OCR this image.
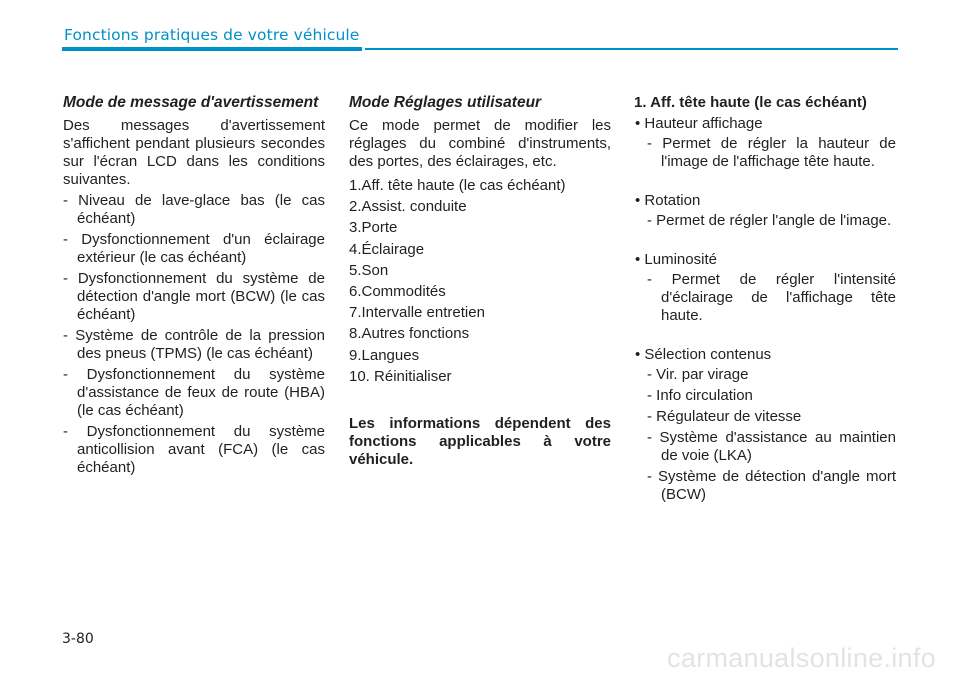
Fonctions pratiques de votre véhicule

Mode de message d'avertissement

Des messages d'avertissement s'affichent pendant plusieurs secondes sur l'écran LCD dans les conditions suivantes.

- Niveau de lave-glace bas (le cas échéant)

- Dysfonctionnement d'un éclairage extérieur (le cas échéant)

- Dysfonctionnement du système de détection d'angle mort (BCW) (le cas échéant)

- Système de contrôle de la pression des pneus (TPMS) (le cas échéant)

- Dysfonctionnement du système d'assistance de feux de route (HBA) (le cas échéant)

- Dysfonctionnement du système anticollision avant (FCA) (le cas échéant)

Mode Réglages utilisateur

Ce mode permet de modifier les réglages du combiné d'instruments, des portes, des éclairages, etc.

1.Aff. tête haute (le cas échéant)

2.Assist. conduite

3.Porte

4.Éclairage

5.Son

6.Commodités

7.Intervalle entretien

8.Autres fonctions

9.Langues

10. Réinitialiser

Les informations dépendent des fonctions applicables à votre véhicule.

1. Aff. tête haute (le cas échéant)

• Hauteur affichage

- Permet de régler la hauteur de l'image de l'affichage tête haute.

• Rotation

- Permet de régler l'angle de l'image.

• Luminosité

- Permet de régler l'intensité d'éclairage de l'affichage tête haute.

• Sélection contenus

- Vir. par virage

- Info circulation

- Régulateur de vitesse

- Système d'assistance au maintien de voie (LKA)

- Système de détection d'angle mort (BCW)

3-80
carmanualsonline.info
